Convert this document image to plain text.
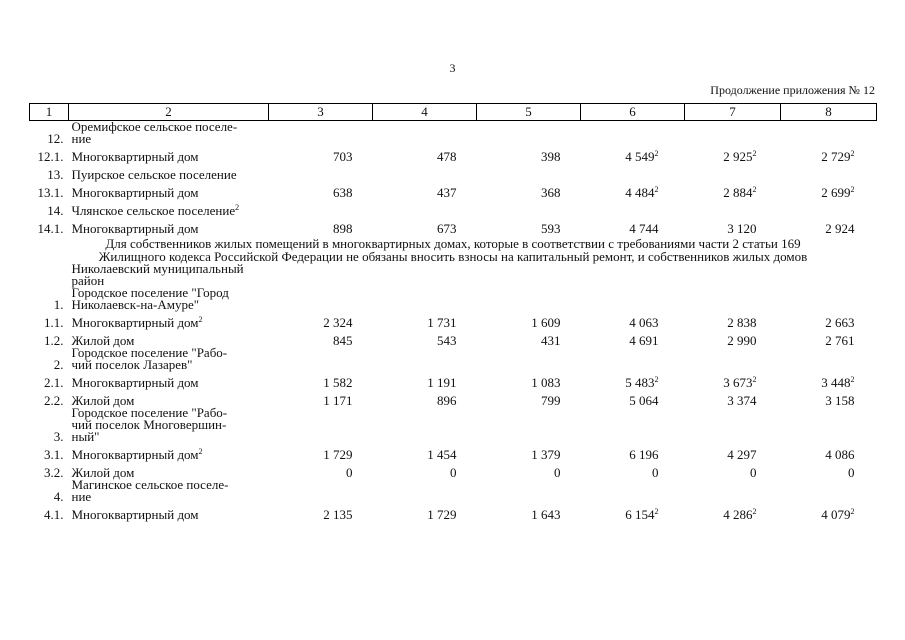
3
Продолжение приложения № 12
1	2	3	4	5	6	7	8
12.	Оремифское сельское поселе-
ние						
12.1.	Многоквартирный дом	703	478	398	4 $549^2$	2 $925^2$	2 $729^2$
13.	Пуирское сельское поселение						
13.1.	Многоквартирный дом	638	437	368	4 $484^2$	2 $884^2$	2 $699^2$
14.	Члянское сельское поселение$^2$						
14.1.	Многоквартирный дом	898	673	593	4 744	3 120	2 924
Для собственников жилых помещений в многоквартирных домах, которые в соответствии с требованиями части 2 статьи 169
Жилищного кодекса Российской Федерации не обязаны вносить взносы на капитальный ремонт, и собственников жилых домов							
	Николаевский муниципальный
район						
1.	Городское поселение "Город
Николаевск-на-Амуре"						
1.1.	Многоквартирный дом$^2$	2 324	1 731	1 609	4 063	2 838	2 663
1.2.	Жилой дом	845	543	431	4 691	2 990	2 761
2.	Городское поселение "Рабо-
чий поселок Лазарев"						
2.1.	Многоквартирный дом	1 582	1 191	1 083	5 $483^2$	3 $673^2$	3 $448^2$
2.2.	Жилой дом	1 171	896	799	5 064	3 374	3 158
3.	Городское поселение "Рабо-
чий поселок Многовершин-
ный"						
3.1.	Многоквартирный дом$^2$	1 729	1 454	1 379	6 196	4 297	4 086
3.2.	Жилой дом	0	0	0	0	0	0
4.	Магинское сельское поселе-
ние						
4.1.	Многоквартирный дом	2 135	1 729	1 643	6 $154^2$	4 $286^2$	4 $079^2$
